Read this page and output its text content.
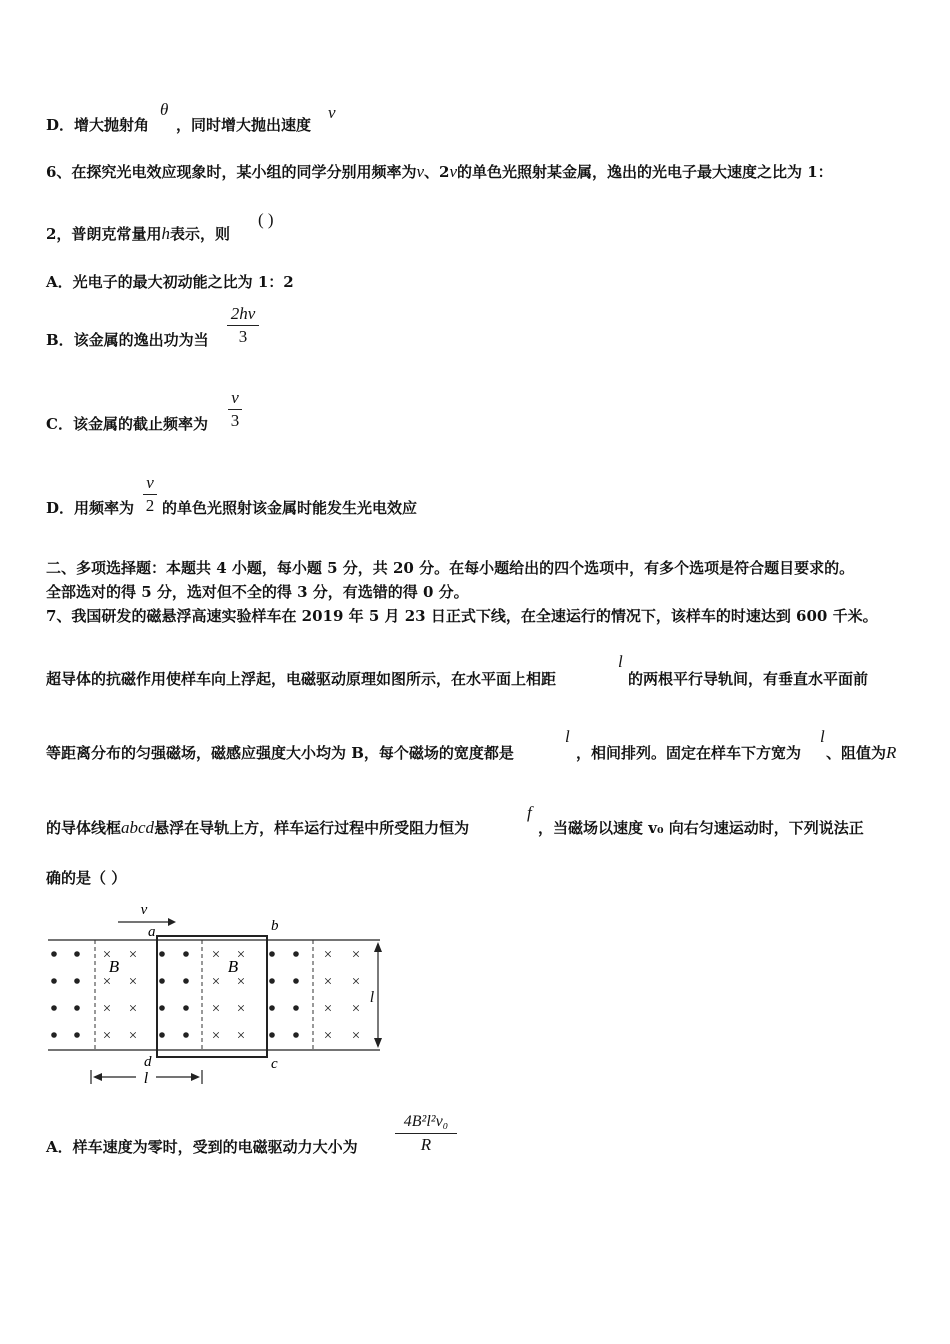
D．增大抛射角
θ
，同时增大抛出速度
v
6、在探究光电效应现象时，某小组的同学分别用频率为v、2v的单色光照射某金属，逸出的光电子最大速度之比为 1：
2，普朗克常量用h表示，则
( )
A．光电子的最大初动能之比为 1：2
B．该金属的逸出功为当
2hv
3
C．该金属的截止频率为
v
3
D．用频率为
v
2 的单色光照射该金属时能发生光电效应
二、多项选择题：本题共 4 小题，每小题 5 分，共 20 分。在每小题给出的四个选项中，有多个选项是符合题目要求的。
全部选对的得 5 分，选对但不全的得 3 分，有选错的得 0 分。
7、我国研发的磁悬浮高速实验样车在 2019 年 5 月 23 日正式下线，在全速运行的情况下，该样车的时速达到 600 千米。
超导体的抗磁作用使样车向上浮起，电磁驱动原理如图所示，在水平面上相距
l
的两根平行导轨间，有垂直水平面前
等距离分布的匀强磁场，磁感应强度大小均为 B，每个磁场的宽度都是
l
，相间排列。固定在样车下方宽为
l
、阻值为R
的导体线框abcd悬浮在导轨上方，样车运行过程中所受阻力恒为
f
，当磁场以速度 v₀ 向右匀速运动时，下列说法正
确的是（ ）
× ×
× ×
× ×
× ×
× ×
× ×
× ×
× ×
× ×
× ×
× ×
× ×
B	B
v
a	b
c
d
l
l
A．样车速度为零时，受到的电磁驱动力大小为
4B²l²v₀
R
